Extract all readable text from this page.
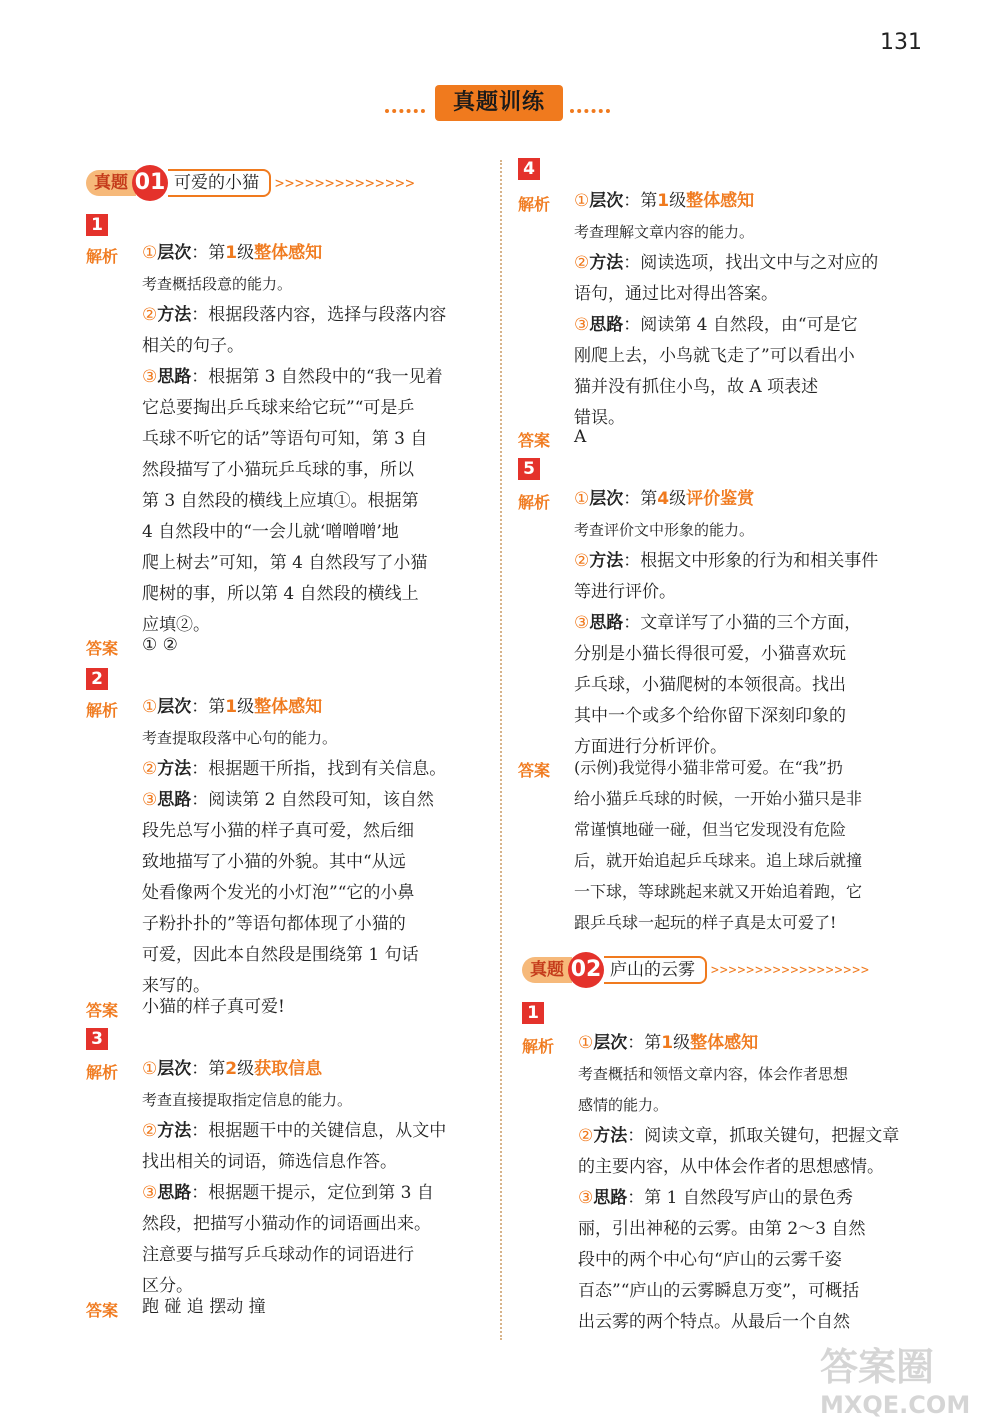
131
真题训练
真题 01 可爱的小猫	>>>>>>>>>>>>>>
1
解析 ①层次：第1级整体感知
考查概括段意的能力。
②方法：根据段落内容，选择与段落内容
相关的句子。
③思路：根据第 3 自然段中的“我一见着
它总要掏出乒乓球来给它玩”“可是乒
乓球不听它的话”等语句可知，第 3 自
然段描写了小猫玩乒乓球的事，所以
第 3 自然段的横线上应填①。根据第
4 自然段中的“一会儿就‘噌噌噌’地
爬上树去”可知，第 4 自然段写了小猫
爬树的事，所以第 4 自然段的横线上
应填②。
答案 ① ②
2
解析 ①层次：第1级整体感知
考查提取段落中心句的能力。
②方法：根据题干所指，找到有关信息。
③思路：阅读第 2 自然段可知，该自然
段先总写小猫的样子真可爱，然后细
致地描写了小猫的外貌。其中“从远
处看像两个发光的小灯泡”“它的小鼻
子粉扑扑的”等语句都体现了小猫的
可爱，因此本自然段是围绕第 1 句话
来写的。
答案 小猫的样子真可爱!
3
解析 ①层次：第2级获取信息
考查直接提取指定信息的能力。
②方法：根据题干中的关键信息，从文中
找出相关的词语，筛选信息作答。
③思路：根据题干提示，定位到第 3 自
然段，把描写小猫动作的词语画出来。
注意要与描写乒乓球动作的词语进行
区分。
答案 跑 碰 追 摆动 撞
4
解析 ①层次：第1级整体感知
考查理解文章内容的能力。
②方法：阅读选项，找出文中与之对应的
语句，通过比对得出答案。
③思路：阅读第 4 自然段，由“可是它
刚爬上去，小鸟就飞走了”可以看出小
猫并没有抓住小鸟，故 A 项表述
错误。
答案 A
5
解析 ①层次：第4级评价鉴赏
考查评价文中形象的能力。
②方法：根据文中形象的行为和相关事件
等进行评价。
③思路：文章详写了小猫的三个方面，
分别是小猫长得很可爱，小猫喜欢玩
乒乓球，小猫爬树的本领很高。找出
其中一个或多个给你留下深刻印象的
方面进行分析评价。
答案 (示例)我觉得小猫非常可爱。在“我”扔
给小猫乒乓球的时候，一开始小猫只是非
常谨慎地碰一碰，但当它发现没有危险
后，就开始追起乒乓球来。追上球后就撞
一下球，等球跳起来就又开始追着跑，它
跟乒乓球一起玩的样子真是太可爱了!
真题 02 庐山的云雾	>>>>>>>>>>>>>>>>>>
1
解析 ①层次：第1级整体感知
考查概括和领悟文章内容，体会作者思想
感情的能力。
②方法：阅读文章，抓取关键句，把握文章
的主要内容，从中体会作者的思想感情。
③思路：第 1 自然段写庐山的景色秀
丽，引出神秘的云雾。由第 2～3 自然
段中的两个中心句“庐山的云雾千姿
百态”“庐山的云雾瞬息万变”，可概括
出云雾的两个特点。从最后一个自然
答案圈
MXQE.COM
